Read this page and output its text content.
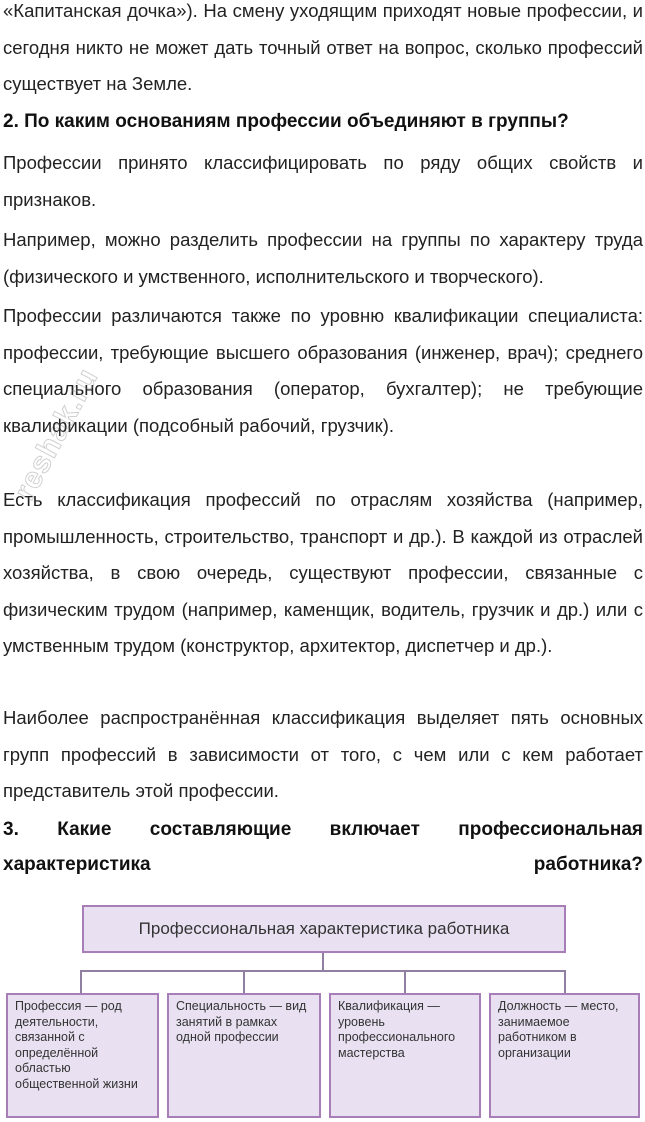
«Капитанская дочка»). На смену уходящим приходят новые профессии, и сегодня никто не может дать точный ответ на вопрос, сколько профессий существует на Земле.

2. По каким основаниям профессии объединяют в группы?

Профессии принято классифицировать по ряду общих свойств и признаков.

Например, можно разделить профессии на группы по характеру труда (физического и умственного, исполнительского и творческого).

Профессии различаются также по уровню квалификации специалиста: профессии, требующие высшего образования (инженер, врач); среднего специального образования (оператор, бухгалтер); не требующие квалификации (подсобный рабочий, грузчик).

Есть классификация профессий по отраслям хозяйства (например, промышленность, строительство, транспорт и др.). В каждой из отраслей хозяйства, в свою очередь, существуют профессии, связанные с физическим трудом (например, каменщик, водитель, грузчик и др.) или с умственным трудом (конструктор, архитектор, диспетчер и др.).

Наиболее распространённая классификация выделяет пять основных групп профессий в зависимости от того, с чем или с кем работает представитель этой профессии.

3. Какие составляющие включает профессиональная характеристика работника?

reshak.ru
Профессиональная характеристика работника
Профессия — род деятельности, связанной с определённой областью общественной жизни
Специальность — вид занятий в рамках одной профессии
Квалификация — уровень профессионального мастерства
Должность — место, занимаемое работником в организации
